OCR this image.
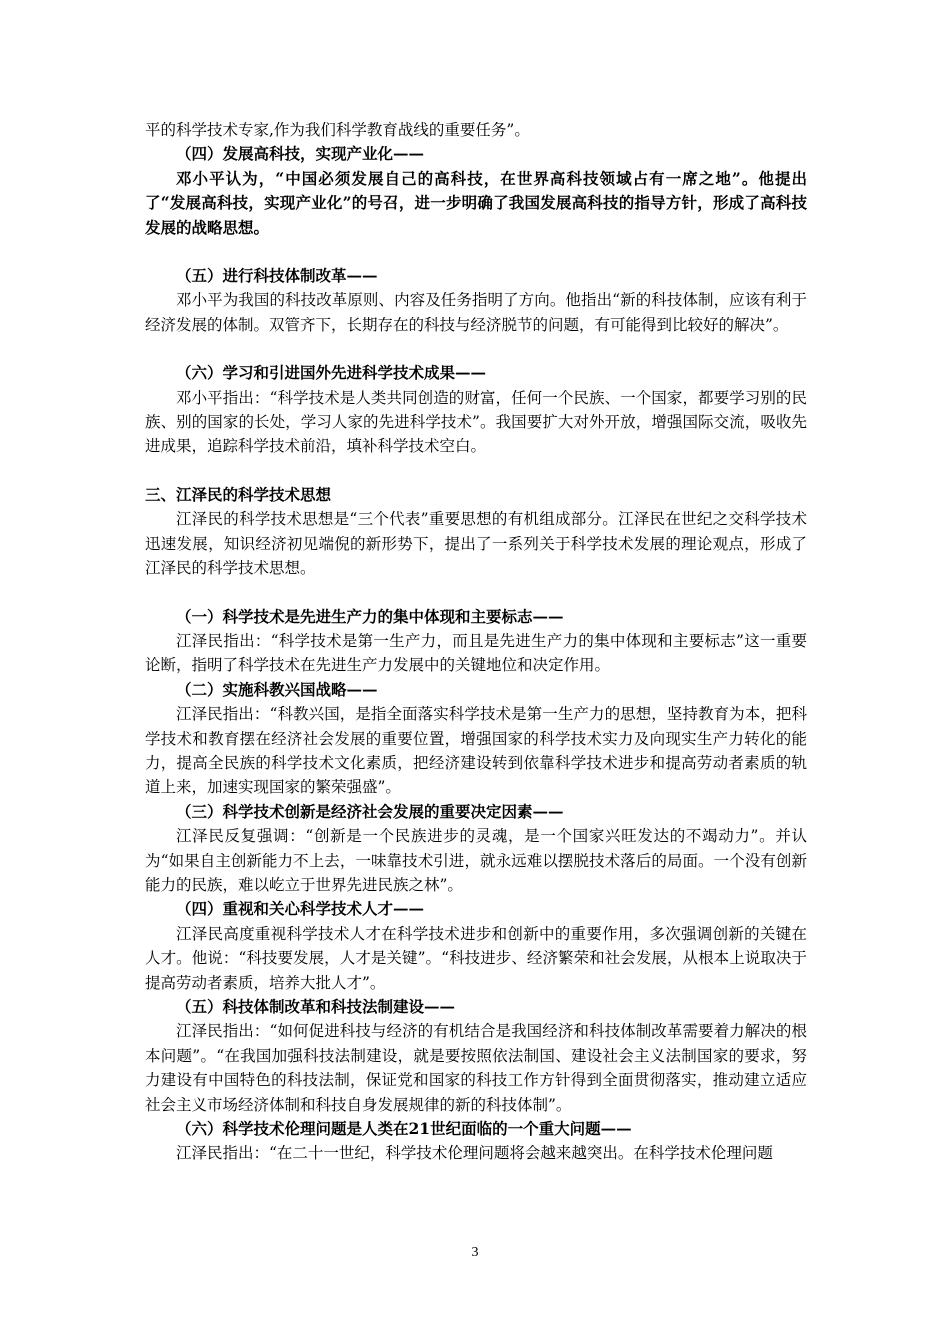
平的科学技术专家,作为我们科学教育战线的重要任务”。

（四）发展高科技，实现产业化——

邓小平认为，“中国必须发展自己的高科技，在世界高科技领域占有一席之地”。他提出了“发展高科技，实现产业化”的号召，进一步明确了我国发展高科技的指导方针，形成了高科技发展的战略思想。

（五）进行科技体制改革——

邓小平为我国的科技改革原则、内容及任务指明了方向。他指出“新的科技体制，应该有利于经济发展的体制。双管齐下，长期存在的科技与经济脱节的问题，有可能得到比较好的解决”。

（六）学习和引进国外先进科学技术成果——

邓小平指出：“科学技术是人类共同创造的财富，任何一个民族、一个国家，都要学习别的民族、别的国家的长处，学习人家的先进科学技术”。我国要扩大对外开放，增强国际交流，吸收先进成果，追踪科学技术前沿，填补科学技术空白。

三、江泽民的科学技术思想

江泽民的科学技术思想是“三个代表”重要思想的有机组成部分。江泽民在世纪之交科学技术迅速发展，知识经济初见端倪的新形势下，提出了一系列关于科学技术发展的理论观点，形成了江泽民的科学技术思想。

（一）科学技术是先进生产力的集中体现和主要标志——

江泽民指出：“科学技术是第一生产力，而且是先进生产力的集中体现和主要标志”这一重要论断，指明了科学技术在先进生产力发展中的关键地位和决定作用。

（二）实施科教兴国战略——

江泽民指出：“科教兴国，是指全面落实科学技术是第一生产力的思想，坚持教育为本，把科学技术和教育摆在经济社会发展的重要位置，增强国家的科学技术实力及向现实生产力转化的能力，提高全民族的科学技术文化素质，把经济建设转到依靠科学技术进步和提高劳动者素质的轨道上来，加速实现国家的繁荣强盛”。

（三）科学技术创新是经济社会发展的重要决定因素——

江泽民反复强调：“创新是一个民族进步的灵魂，是一个国家兴旺发达的不竭动力”。并认为“如果自主创新能力不上去，一味靠技术引进，就永远难以摆脱技术落后的局面。一个没有创新能力的民族，难以屹立于世界先进民族之林”。

（四）重视和关心科学技术人才——

江泽民高度重视科学技术人才在科学技术进步和创新中的重要作用，多次强调创新的关键在人才。他说：“科技要发展，人才是关键”。“科技进步、经济繁荣和社会发展，从根本上说取决于提高劳动者素质，培养大批人才”。

（五）科技体制改革和科技法制建设——

江泽民指出：“如何促进科技与经济的有机结合是我国经济和科技体制改革需要着力解决的根本问题”。“在我国加强科技法制建设，就是要按照依法制国、建设社会主义法制国家的要求，努力建设有中国特色的科技法制，保证党和国家的科技工作方针得到全面贯彻落实，推动建立适应社会主义市场经济体制和科技自身发展规律的新的科技体制”。

（六）科学技术伦理问题是人类在21世纪面临的一个重大问题——

江泽民指出：“在二十一世纪，科学技术伦理问题将会越来越突出。在科学技术伦理问题

3
